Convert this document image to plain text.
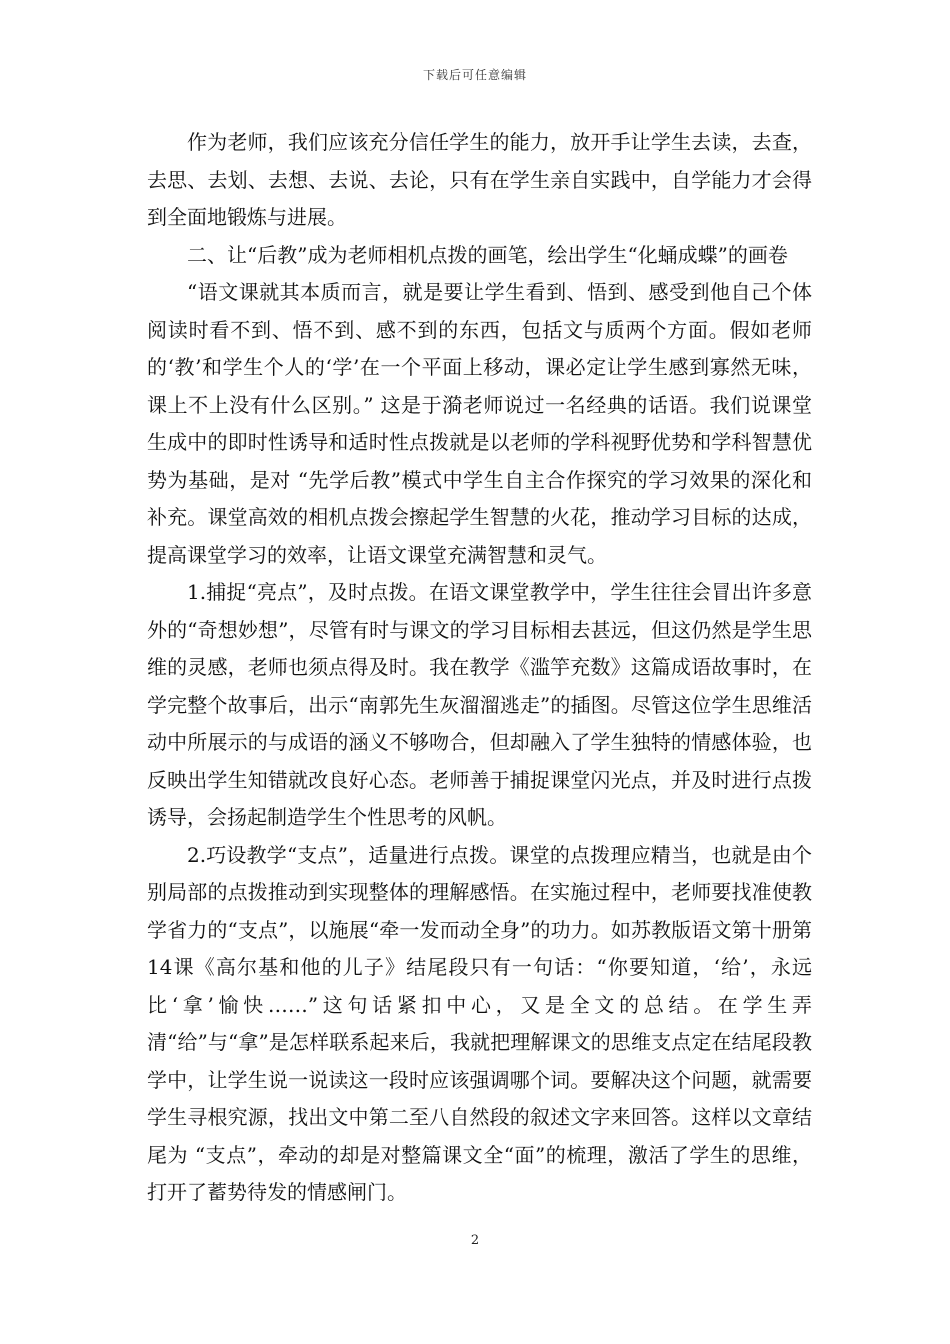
下载后可任意编辑

作为老师，我们应该充分信任学生的能力，放开手让学生去读，去查，去思、去划、去想、去说、去论，只有在学生亲自实践中，自学能力才会得到全面地锻炼与进展。

二、让“后教”成为老师相机点拨的画笔，绘出学生“化蛹成蝶”的画卷

“语文课就其本质而言，就是要让学生看到、悟到、感受到他自己个体阅读时看不到、悟不到、感不到的东西，包括文与质两个方面。假如老师的‘教’和学生个人的‘学’在一个平面上移动，课必定让学生感到寡然无味，课上不上没有什么区别。” 这是于漪老师说过一名经典的话语。我们说课堂生成中的即时性诱导和适时性点拨就是以老师的学科视野优势和学科智慧优势为基础，是对 “先学后教”模式中学生自主合作探究的学习效果的深化和补充。课堂高效的相机点拨会擦起学生智慧的火花，推动学习目标的达成，提高课堂学习的效率，让语文课堂充满智慧和灵气。

1.捕捉“亮点”，及时点拨。在语文课堂教学中，学生往往会冒出许多意外的“奇想妙想”，尽管有时与课文的学习目标相去甚远，但这仍然是学生思维的灵感，老师也须点得及时。我在教学《滥竽充数》这篇成语故事时，在学完整个故事后，出示“南郭先生灰溜溜逃走”的插图。尽管这位学生思维活动中所展示的与成语的涵义不够吻合，但却融入了学生独特的情感体验，也反映出学生知错就改良好心态。老师善于捕捉课堂闪光点，并及时进行点拨诱导，会扬起制造学生个性思考的风帆。

2.巧设教学“支点”，适量进行点拨。课堂的点拨理应精当，也就是由个别局部的点拨推动到实现整体的理解感悟。在实施过程中，老师要找准使教学省力的“支点”，以施展“牵一发而动全身”的功力。如苏教版语文第十册第14课《高尔基和他的儿子》结尾段只有一句话：“你要知道，‘给’，永远比‘拿’愉快……”这句话紧扣中心，又是全文的总结。在学生弄清“给”与“拿”是怎样联系起来后，我就把理解课文的思维支点定在结尾段教学中，让学生说一说读这一段时应该强调哪个词。要解决这个问题，就需要学生寻根究源，找出文中第二至八自然段的叙述文字来回答。这样以文章结尾为 “支点”，牵动的却是对整篇课文全“面”的梳理，激活了学生的思维，打开了蓄势待发的情感闸门。

2
